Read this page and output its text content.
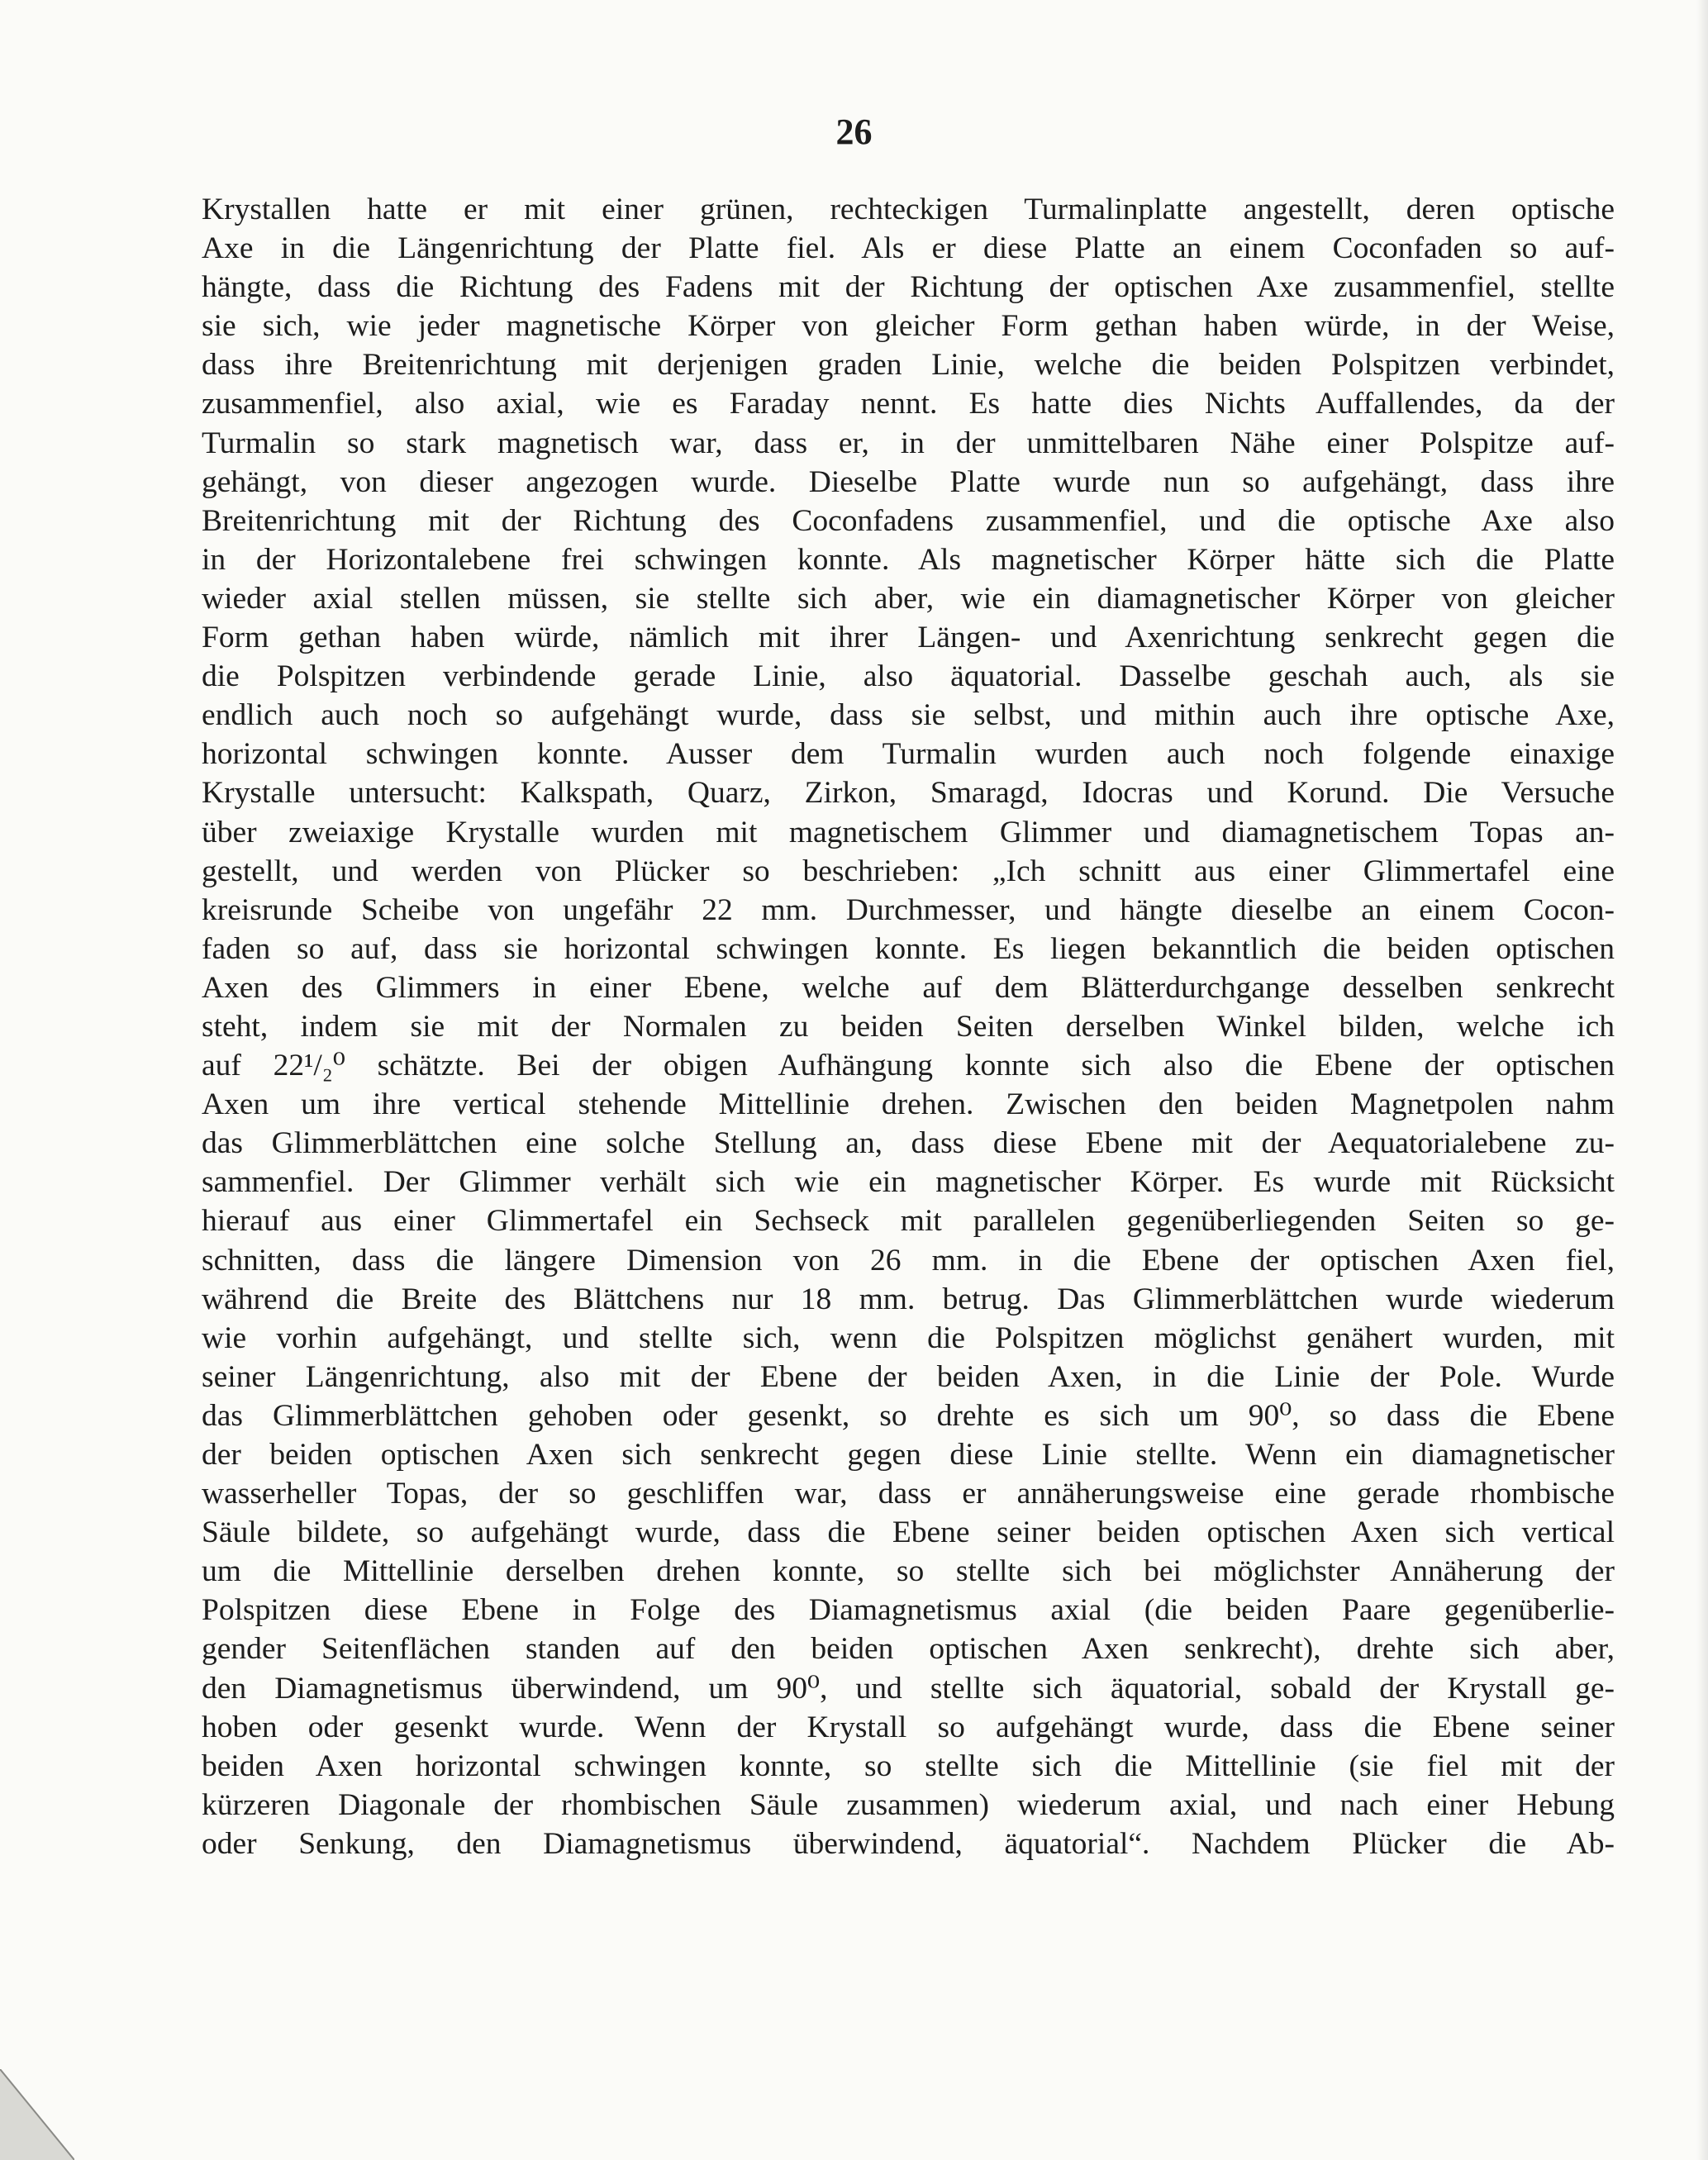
26
Krystallen hatte er mit einer grünen, rechteckigen Turmalinplatte angestellt, deren optische
Axe in die Längenrichtung der Platte fiel. Als er diese Platte an einem Coconfaden so auf-
hängte, dass die Richtung des Fadens mit der Richtung der optischen Axe zusammenfiel, stellte
sie sich, wie jeder magnetische Körper von gleicher Form gethan haben würde, in der Weise,
dass ihre Breitenrichtung mit derjenigen graden Linie, welche die beiden Polspitzen verbindet,
zusammenfiel, also axial, wie es Faraday nennt. Es hatte dies Nichts Auffallendes, da der
Turmalin so stark magnetisch war, dass er, in der unmittelbaren Nähe einer Polspitze auf-
gehängt, von dieser angezogen wurde. Dieselbe Platte wurde nun so aufgehängt, dass ihre
Breitenrichtung mit der Richtung des Coconfadens zusammenfiel, und die optische Axe also
in der Horizontalebene frei schwingen konnte. Als magnetischer Körper hätte sich die Platte
wieder axial stellen müssen, sie stellte sich aber, wie ein diamagnetischer Körper von gleicher
Form gethan haben würde, nämlich mit ihrer Längen- und Axenrichtung senkrecht gegen die
die Polspitzen verbindende gerade Linie, also äquatorial. Dasselbe geschah auch, als sie
endlich auch noch so aufgehängt wurde, dass sie selbst, und mithin auch ihre optische Axe,
horizontal schwingen konnte. Ausser dem Turmalin wurden auch noch folgende einaxige
Krystalle untersucht: Kalkspath, Quarz, Zirkon, Smaragd, Idocras und Korund. Die Versuche
über zweiaxige Krystalle wurden mit magnetischem Glimmer und diamagnetischem Topas an-
gestellt, und werden von Plücker so beschrieben: „Ich schnitt aus einer Glimmertafel eine
kreisrunde Scheibe von ungefähr 22 mm. Durchmesser, und hängte dieselbe an einem Cocon-
faden so auf, dass sie horizontal schwingen konnte. Es liegen bekanntlich die beiden optischen
Axen des Glimmers in einer Ebene, welche auf dem Blätterdurchgange desselben senkrecht
steht, indem sie mit der Normalen zu beiden Seiten derselben Winkel bilden, welche ich
auf 22¹/₂⁰ schätzte. Bei der obigen Aufhängung konnte sich also die Ebene der optischen
Axen um ihre vertical stehende Mittellinie drehen. Zwischen den beiden Magnetpolen nahm
das Glimmerblättchen eine solche Stellung an, dass diese Ebene mit der Aequatorialebene zu-
sammenfiel. Der Glimmer verhält sich wie ein magnetischer Körper. Es wurde mit Rücksicht
hierauf aus einer Glimmertafel ein Sechseck mit parallelen gegenüberliegenden Seiten so ge-
schnitten, dass die längere Dimension von 26 mm. in die Ebene der optischen Axen fiel,
während die Breite des Blättchens nur 18 mm. betrug. Das Glimmerblättchen wurde wiederum
wie vorhin aufgehängt, und stellte sich, wenn die Polspitzen möglichst genähert wurden, mit
seiner Längenrichtung, also mit der Ebene der beiden Axen, in die Linie der Pole. Wurde
das Glimmerblättchen gehoben oder gesenkt, so drehte es sich um 90⁰, so dass die Ebene
der beiden optischen Axen sich senkrecht gegen diese Linie stellte. Wenn ein diamagnetischer
wasserheller Topas, der so geschliffen war, dass er annäherungsweise eine gerade rhombische
Säule bildete, so aufgehängt wurde, dass die Ebene seiner beiden optischen Axen sich vertical
um die Mittellinie derselben drehen konnte, so stellte sich bei möglichster Annäherung der
Polspitzen diese Ebene in Folge des Diamagnetismus axial (die beiden Paare gegenüberlie-
gender Seitenflächen standen auf den beiden optischen Axen senkrecht), drehte sich aber,
den Diamagnetismus überwindend, um 90⁰, und stellte sich äquatorial, sobald der Krystall ge-
hoben oder gesenkt wurde. Wenn der Krystall so aufgehängt wurde, dass die Ebene seiner
beiden Axen horizontal schwingen konnte, so stellte sich die Mittellinie (sie fiel mit der
kürzeren Diagonale der rhombischen Säule zusammen) wiederum axial, und nach einer Hebung
oder Senkung, den Diamagnetismus überwindend, äquatorial“. Nachdem Plücker die Ab-
